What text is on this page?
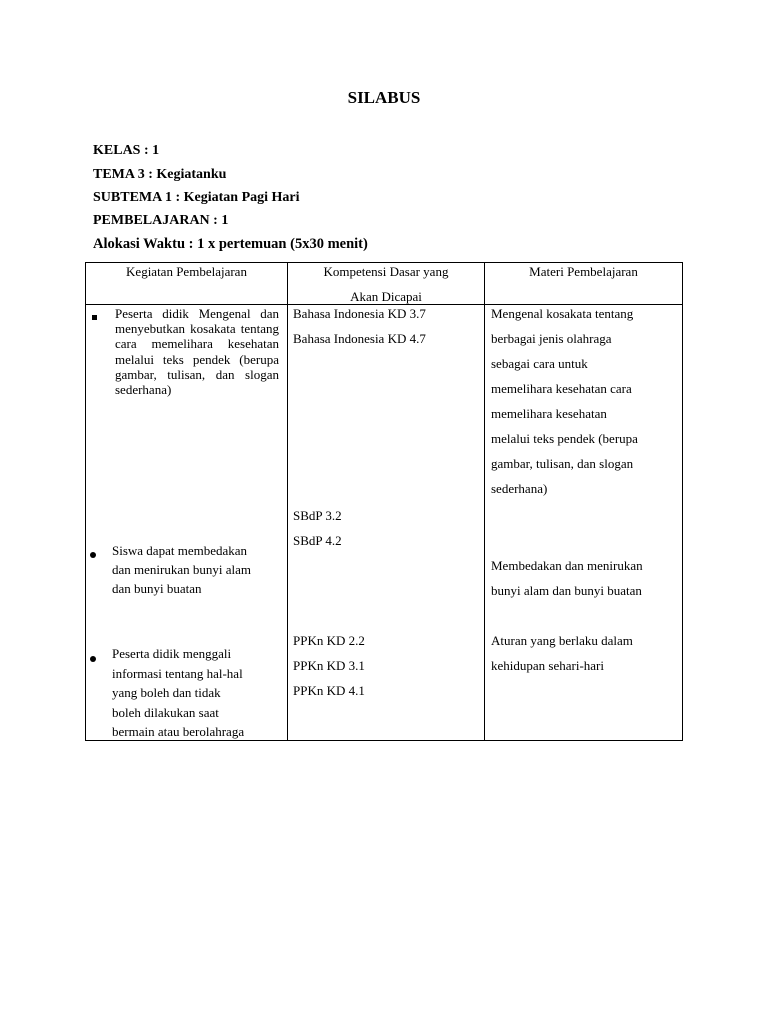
SILABUS
KELAS : 1
TEMA 3 : Kegiatanku
SUBTEMA 1 : Kegiatan Pagi Hari
PEMBELAJARAN : 1
Alokasi Waktu : 1 x pertemuan (5x30 menit)
Kegiatan Pembelajaran	Kompetensi Dasar yang
Akan Dicapai
Materi Pembelajaran
Peserta didik Mengenal dan menyebutkan kosakata tentang cara memelihara kesehatan melalui teks pendek (berupa gambar, tulisan, dan slogan sederhana)
Bahasa Indonesia KD 3.7
Bahasa Indonesia KD 4.7
Mengenal kosakata tentang
berbagai jenis olahraga
sebagai cara untuk
memelihara kesehatan cara
memelihara kesehatan
melalui teks pendek (berupa
gambar, tulisan, dan slogan
sederhana)
Siswa dapat membedakan
dan menirukan bunyi alam
dan bunyi buatan
SBdP 3.2
SBdP 4.2
Membedakan dan menirukan
bunyi alam dan bunyi buatan
Peserta didik menggali
informasi tentang hal-hal
yang boleh dan tidak
boleh dilakukan saat
bermain atau berolahraga
PPKn KD 2.2
PPKn KD 3.1
PPKn KD 4.1
Aturan yang berlaku dalam
kehidupan sehari-hari
